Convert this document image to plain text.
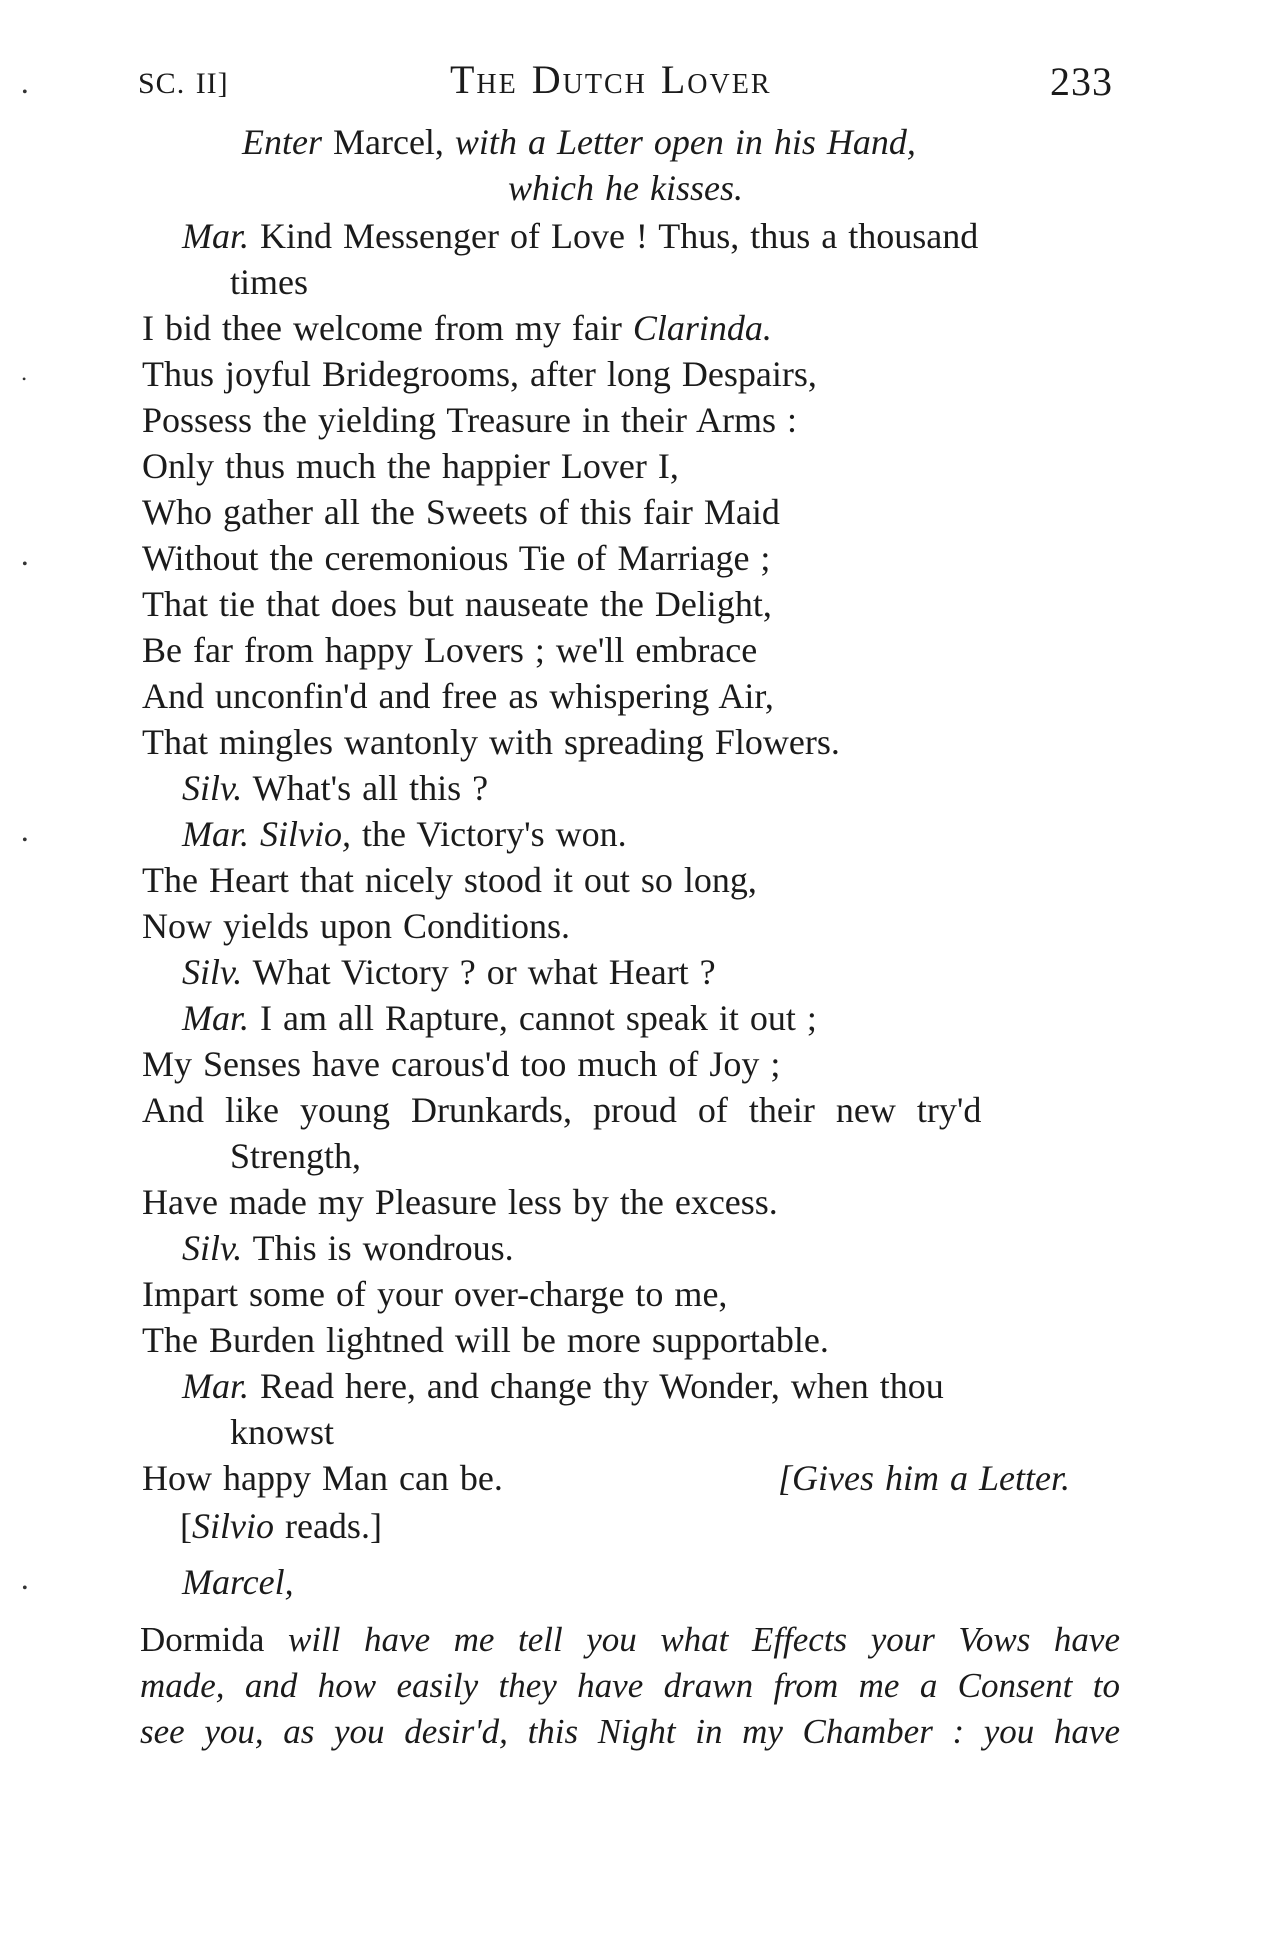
SC. II]	The Dutch Lover	233
Enter Marcel, with a Letter open in his Hand,
which he kisses.
Mar. Kind Messenger of Love ! Thus, thus a thousand
times
I bid thee welcome from my fair Clarinda.
Thus joyful Bridegrooms, after long Despairs,
Possess the yielding Treasure in their Arms :
Only thus much the happier Lover I,
Who gather all the Sweets of this fair Maid
Without the ceremonious Tie of Marriage ;
That tie that does but nauseate the Delight,
Be far from happy Lovers ; we'll embrace
And unconfin'd and free as whispering Air,
That mingles wantonly with spreading Flowers.
Silv. What's all this ?
Mar. Silvio, the Victory's won.
The Heart that nicely stood it out so long,
Now yields upon Conditions.
Silv. What Victory ? or what Heart ?
Mar. I am all Rapture, cannot speak it out ;
My Senses have carous'd too much of Joy ;
And like young Drunkards, proud of their new try'd
Strength,
Have made my Pleasure less by the excess.
Silv. This is wondrous.
Impart some of your over-charge to me,
The Burden lightned will be more supportable.
Mar. Read here, and change thy Wonder, when thou
knowst
How happy Man can be.	[Gives him a Letter.
[Silvio reads.]
Marcel,
Dormida will have me tell you what Effects your Vows have
made, and how easily they have drawn from me a Consent to
see you, as you desir'd, this Night in my Chamber : you have
•
•
•
•
•
